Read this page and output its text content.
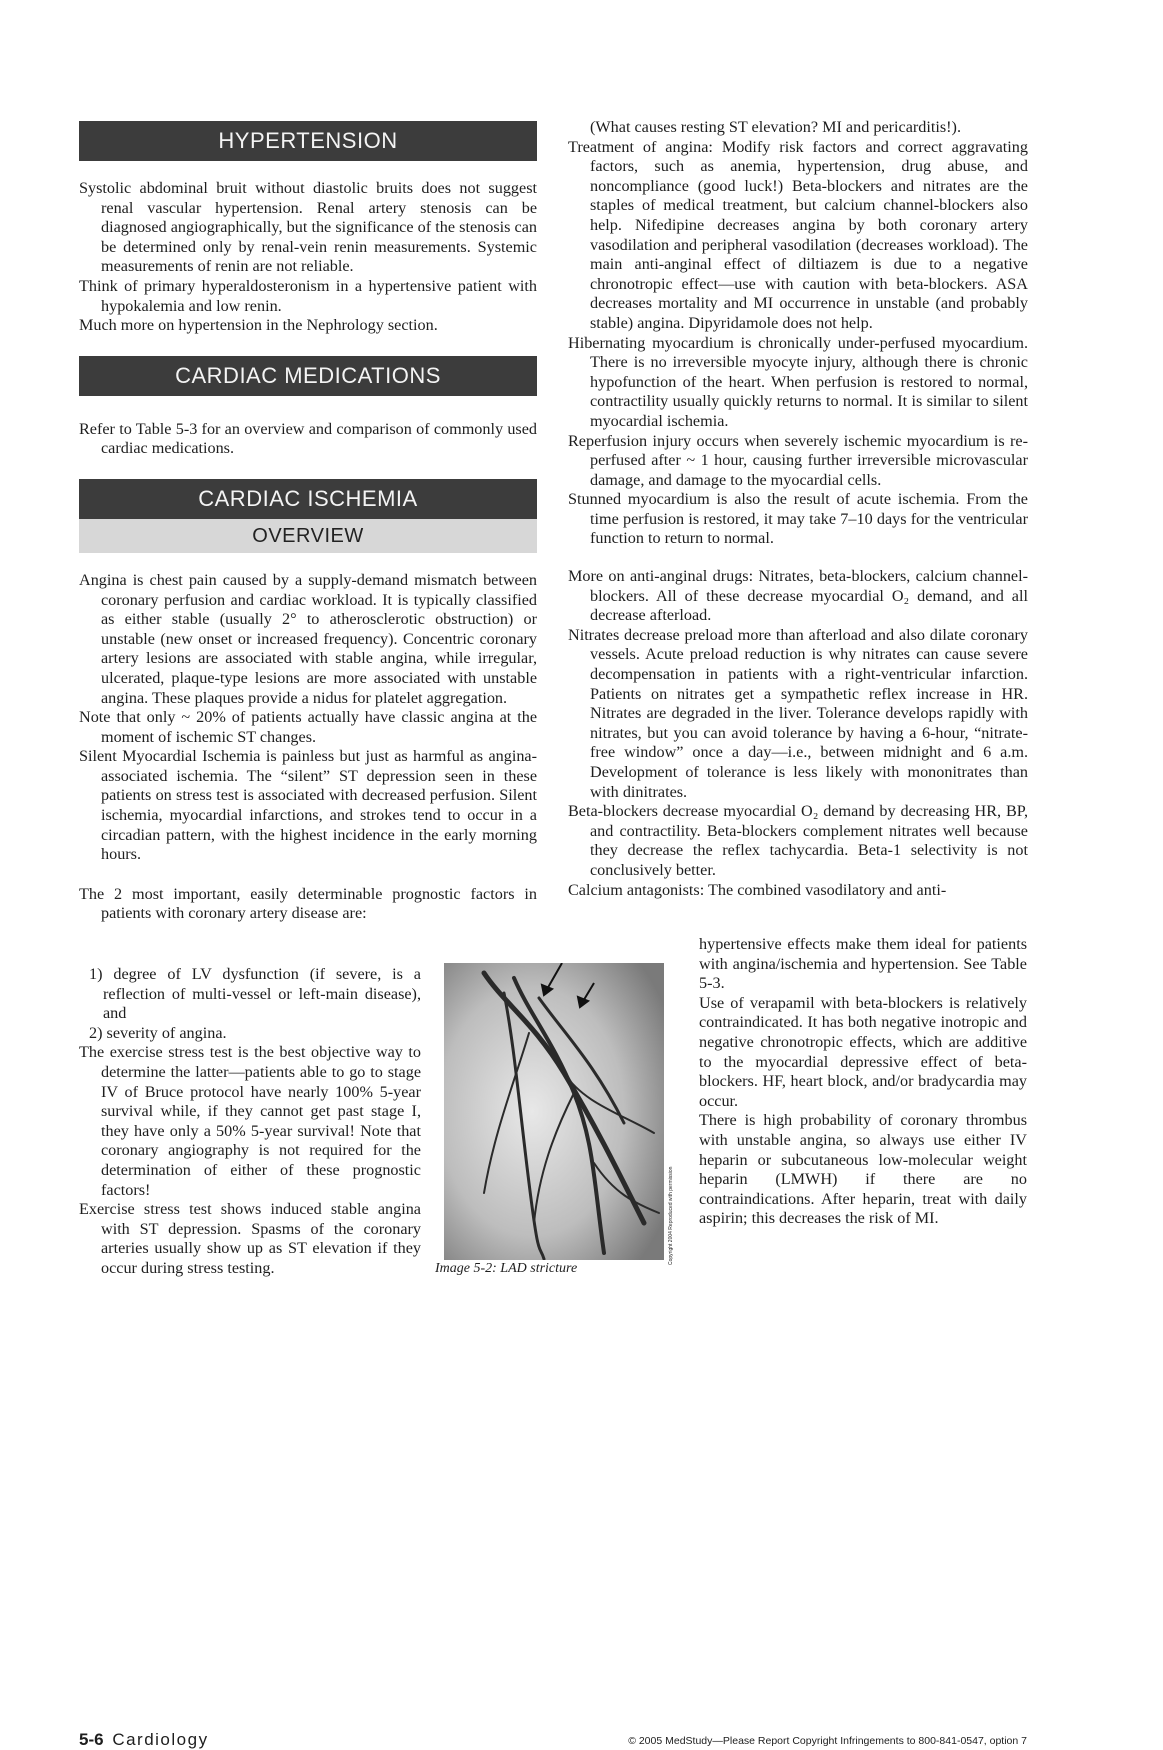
HYPERTENSION

Systolic abdominal bruit without diastolic bruits does not suggest renal vascular hypertension. Renal artery stenosis can be diagnosed angiographically, but the significance of the stenosis can be determined only by renal-vein renin measurements. Systemic measurements of renin are not reliable.

Think of primary hyperaldosteronism in a hypertensive patient with hypokalemia and low renin.

Much more on hypertension in the Nephrology section.

CARDIAC MEDICATIONS

Refer to Table 5-3 for an overview and comparison of commonly used cardiac medications.

CARDIAC ISCHEMIA
OVERVIEW

Angina is chest pain caused by a supply-demand mismatch between coronary perfusion and cardiac workload. It is typically classified as either stable (usually 2° to atherosclerotic obstruction) or unstable (new onset or increased frequency). Concentric coronary artery lesions are associated with stable angina, while irregular, ulcerated, plaque-type lesions are more associated with unstable angina. These plaques provide a nidus for platelet aggregation.

Note that only ~ 20% of patients actually have classic angina at the moment of ischemic ST changes.

Silent Myocardial Ischemia is painless but just as harmful as angina-associated ischemia. The “silent” ST depression seen in these patients on stress test is associated with decreased perfusion. Silent ischemia, myocardial infarctions, and strokes tend to occur in a circadian pattern, with the highest incidence in the early morning hours.

The 2 most important, easily determinable prognostic factors in patients with coronary artery disease are:

1) degree of LV dysfunction (if severe, is a reflection of multi-vessel or left-main disease), and

2) severity of angina.

The exercise stress test is the best objective way to determine the latter—patients able to go to stage IV of Bruce protocol have nearly 100% 5-year survival while, if they cannot get past stage I, they have only a 50% 5-year survival! Note that coronary angiography is not required for the determination of either of these prognostic factors!

Exercise stress test shows induced stable angina with ST depression. Spasms of the coronary arteries usually show up as ST elevation if they occur during stress testing.

Copyright 2004 Reproduced with permission
Image 5-2: LAD stricture

(What causes resting ST elevation? MI and pericarditis!).

Treatment of angina: Modify risk factors and correct aggravating factors, such as anemia, hypertension, drug abuse, and noncompliance (good luck!) Beta-blockers and nitrates are the staples of medical treatment, but calcium channel-blockers also help. Nifedipine decreases angina by both coronary artery vasodilation and peripheral vasodilation (decreases workload). The main anti-anginal effect of diltiazem is due to a negative chronotropic effect—use with caution with beta-blockers. ASA decreases mortality and MI occurrence in unstable (and probably stable) angina. Dipyridamole does not help.

Hibernating myocardium is chronically under-perfused myocardium. There is no irreversible myocyte injury, although there is chronic hypofunction of the heart. When perfusion is restored to normal, contractility usually quickly returns to normal. It is similar to silent myocardial ischemia.

Reperfusion injury occurs when severely ischemic myocardium is re-perfused after ~ 1 hour, causing further irreversible microvascular damage, and damage to the myocardial cells.

Stunned myocardium is also the result of acute ischemia. From the time perfusion is restored, it may take 7–10 days for the ventricular function to return to normal.

More on anti-anginal drugs: Nitrates, beta-blockers, calcium channel-blockers. All of these decrease myocardial O₂ demand, and all decrease afterload.

Nitrates decrease preload more than afterload and also dilate coronary vessels. Acute preload reduction is why nitrates can cause severe decompensation in patients with a right-ventricular infarction. Patients on nitrates get a sympathetic reflex increase in HR. Nitrates are degraded in the liver. Tolerance develops rapidly with nitrates, but you can avoid tolerance by having a 6-hour, “nitrate-free window” once a day—i.e., between midnight and 6 a.m. Development of tolerance is less likely with mononitrates than with dinitrates.

Beta-blockers decrease myocardial O₂ demand by decreasing HR, BP, and contractility. Beta-blockers complement nitrates well because they decrease the reflex tachycardia. Beta-1 selectivity is not conclusively better.

Calcium antagonists: The combined vasodilatory and anti-

hypertensive effects make them ideal for patients with angina/ischemia and hypertension. See Table 5-3.

Use of verapamil with beta-blockers is relatively contraindicated. It has both negative inotropic and negative chronotropic effects, which are additive to the myocardial depressive effect of beta-blockers. HF, heart block, and/or bradycardia may occur.

There is high probability of coronary thrombus with unstable angina, so always use either IV heparin or subcutaneous low-molecular weight heparin (LMWH) if there are no contraindications. After heparin, treat with daily aspirin; this decreases the risk of MI.

5-6 Cardiology	© 2005 MedStudy—Please Report Copyright Infringements to 800-841-0547, option 7
